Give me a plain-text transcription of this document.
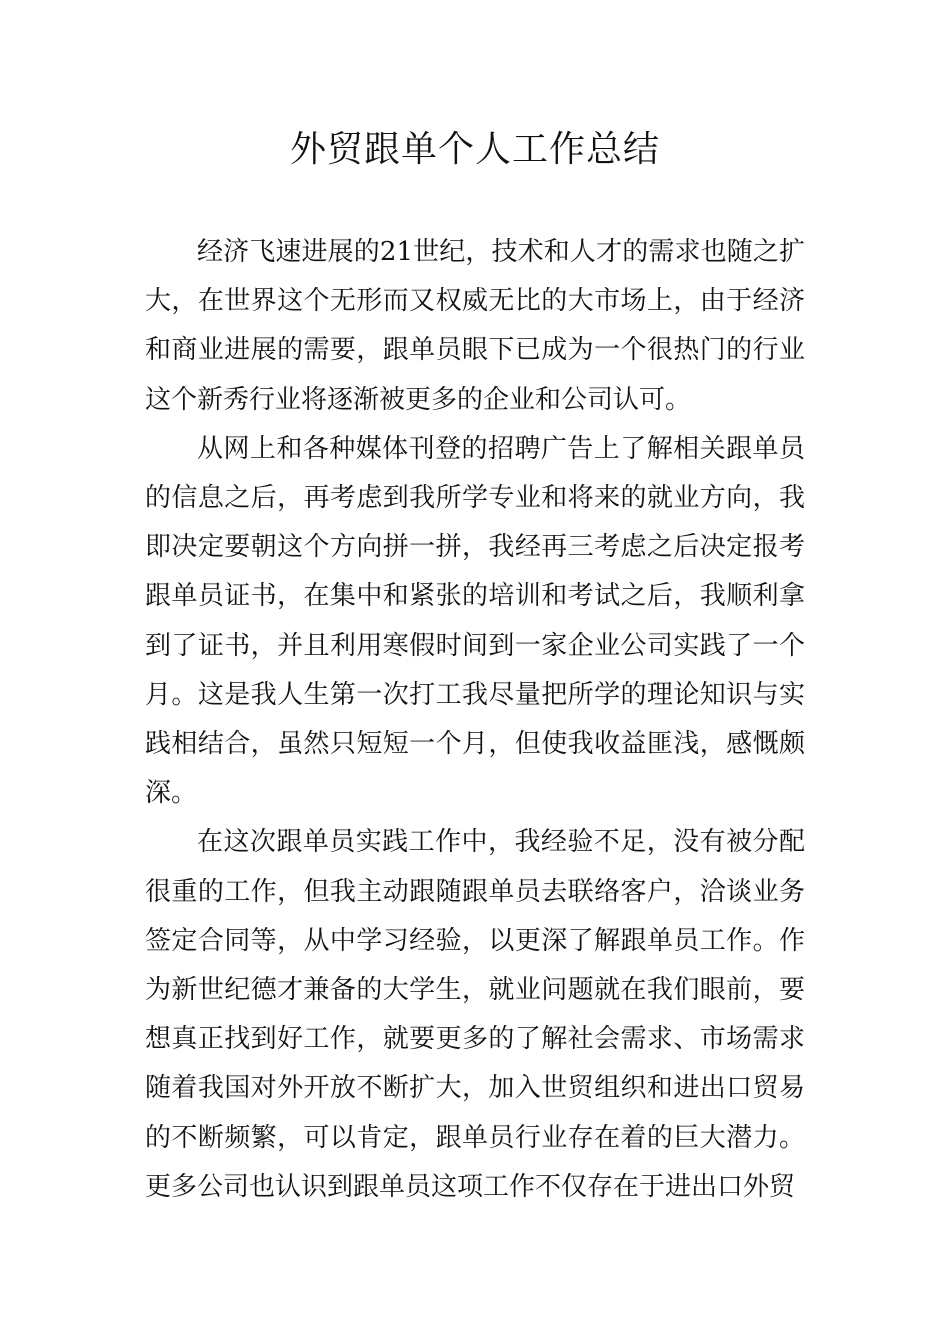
外贸跟单个人工作总结

经济飞速进展的21世纪，技术和人才的需求也随之扩大，在世界这个无形而又权威无比的大市场上，由于经济和商业进展的需要，跟单员眼下已成为一个很热门的行业这个新秀行业将逐渐被更多的企业和公司认可。

从网上和各种媒体刊登的招聘广告上了解相关跟单员的信息之后，再考虑到我所学专业和将来的就业方向，我即决定要朝这个方向拼一拼，我经再三考虑之后决定报考跟单员证书，在集中和紧张的培训和考试之后，我顺利拿到了证书，并且利用寒假时间到一家企业公司实践了一个月。这是我人生第一次打工我尽量把所学的理论知识与实践相结合，虽然只短短一个月，但使我收益匪浅，感慨颇深。

在这次跟单员实践工作中，我经验不足，没有被分配很重的工作，但我主动跟随跟单员去联络客户，洽谈业务签定合同等，从中学习经验，以更深了解跟单员工作。作为新世纪德才兼备的大学生，就业问题就在我们眼前，要想真正找到好工作，就要更多的了解社会需求、市场需求随着我国对外开放不断扩大，加入世贸组织和进出口贸易的不断频繁，可以肯定，跟单员行业存在着的巨大潜力。更多公司也认识到跟单员这项工作不仅存在于进出口外贸
